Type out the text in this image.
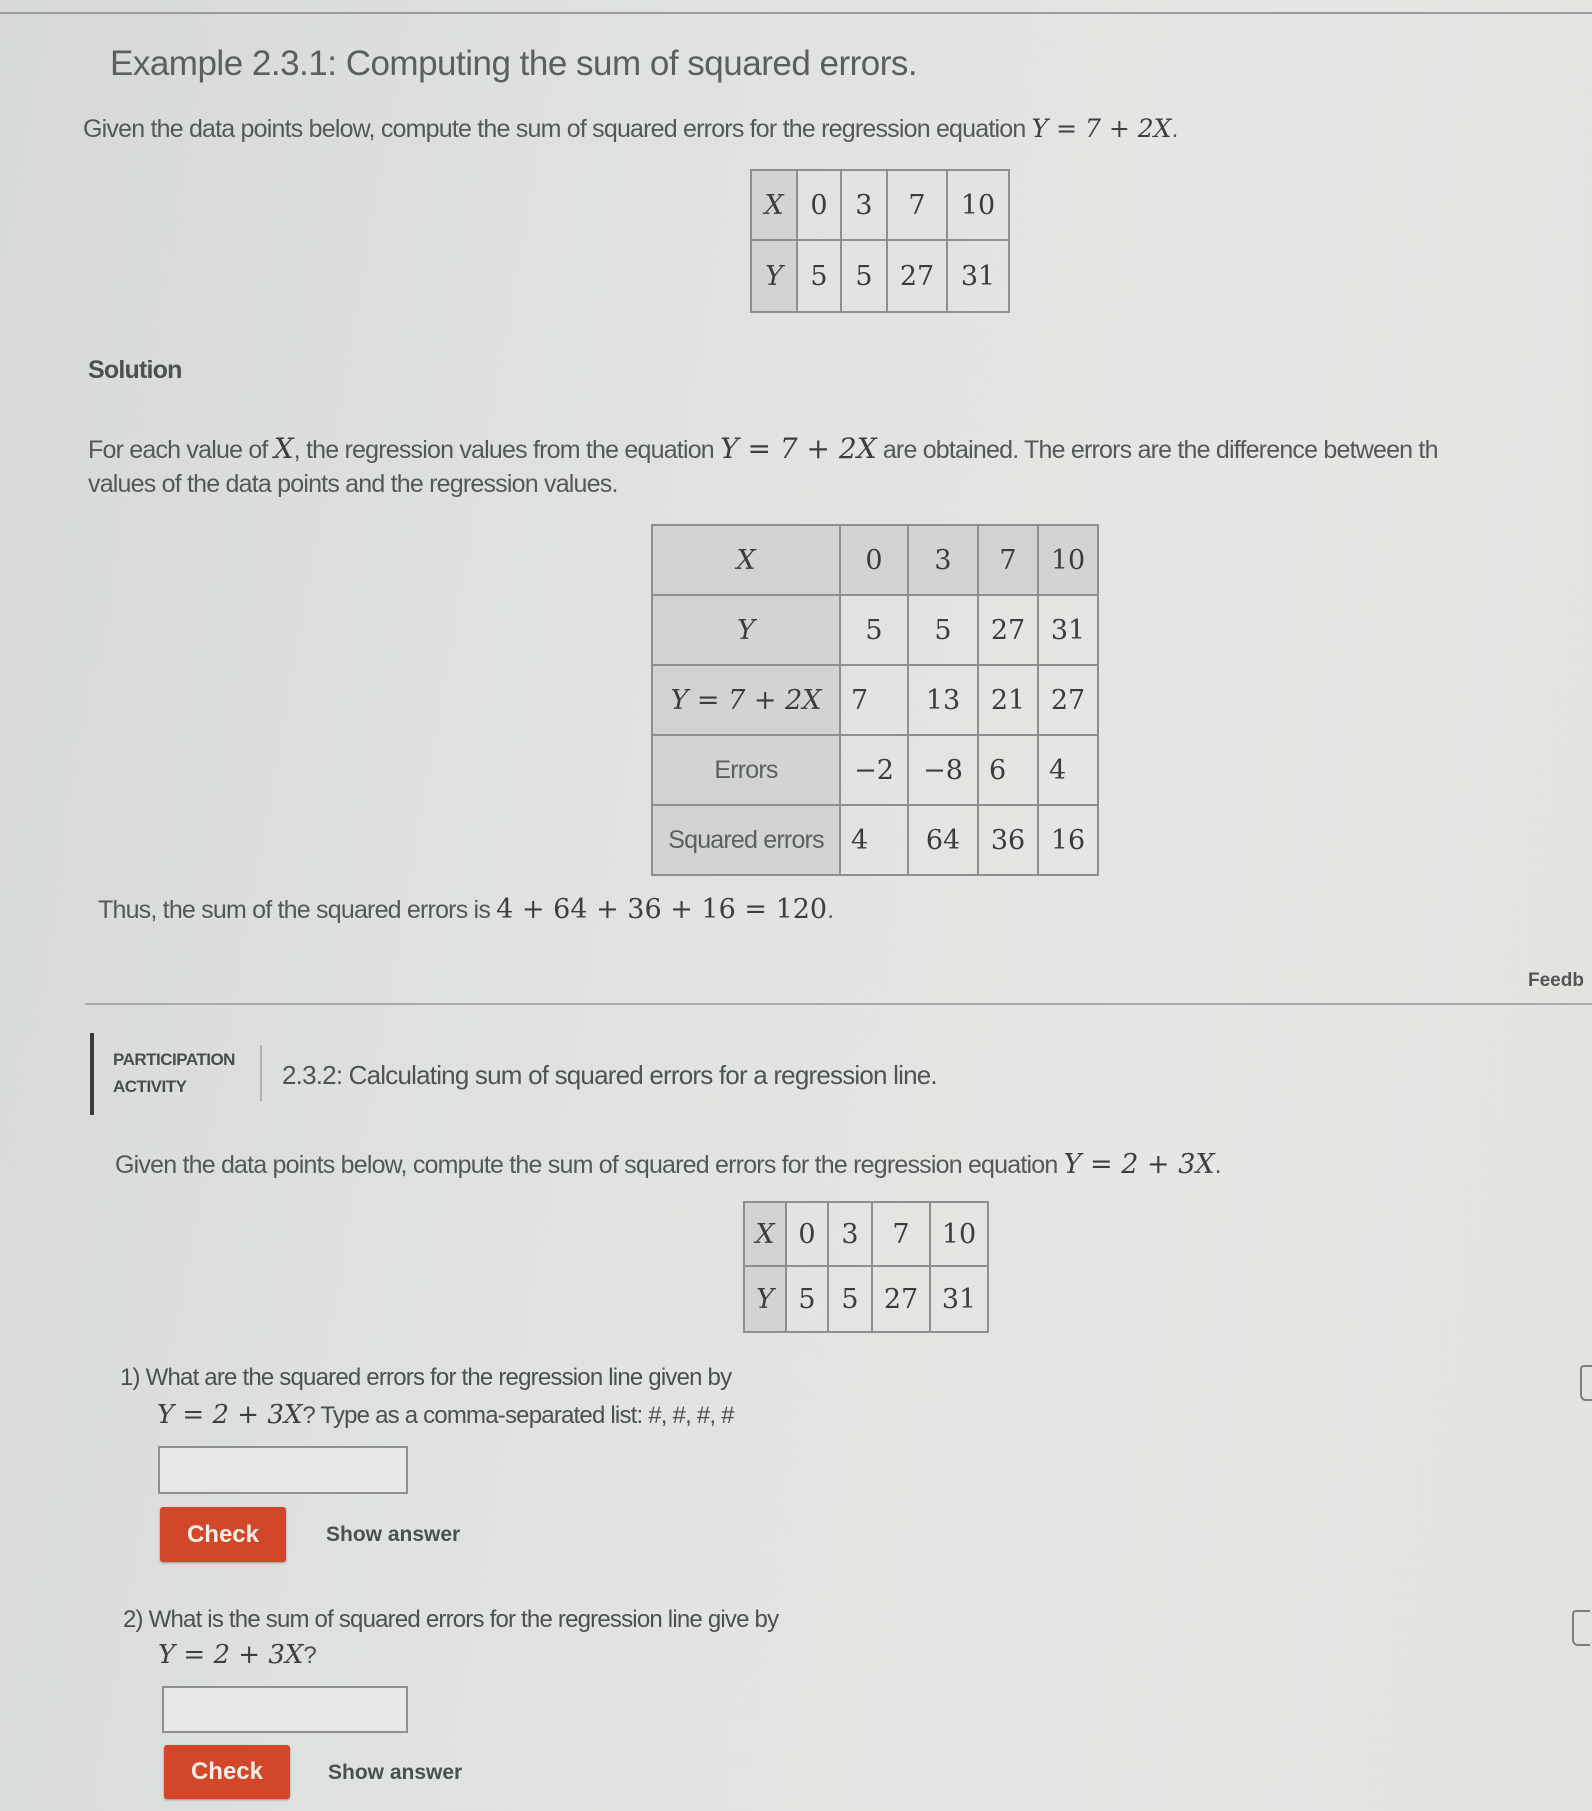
Example 2.3.1: Computing the sum of squared errors.
Given the data points below, compute the sum of squared errors for the regression equation Y = 7 + 2X.
X	0	3	7	10
Y	5	5	27	31
Solution
For each value of X, the regression values from the equation Y = 7 + 2X are obtained. The errors are the difference between th
values of the data points and the regression values.
X	0	3	7	10
Y	5	5	27	31
Y = 7 + 2X	7	13	21	27
Errors	−2	−8	6	4
Squared errors	4	64	36	16
Thus, the sum of the squared errors is 4 + 64 + 36 + 16 = 120.
Feedb
PARTICIPATION
ACTIVITY	2.3.2: Calculating sum of squared errors for a regression line.
Given the data points below, compute the sum of squared errors for the regression equation Y = 2 + 3X.
X	0	3	7	10
Y	5	5	27	31
1) What are the squared errors for the regression line given by
Y = 2 + 3X? Type as a comma-separated list: #, #, #, #
Check	Show answer
2) What is the sum of squared errors for the regression line give by
Y = 2 + 3X?
Check	Show answer
